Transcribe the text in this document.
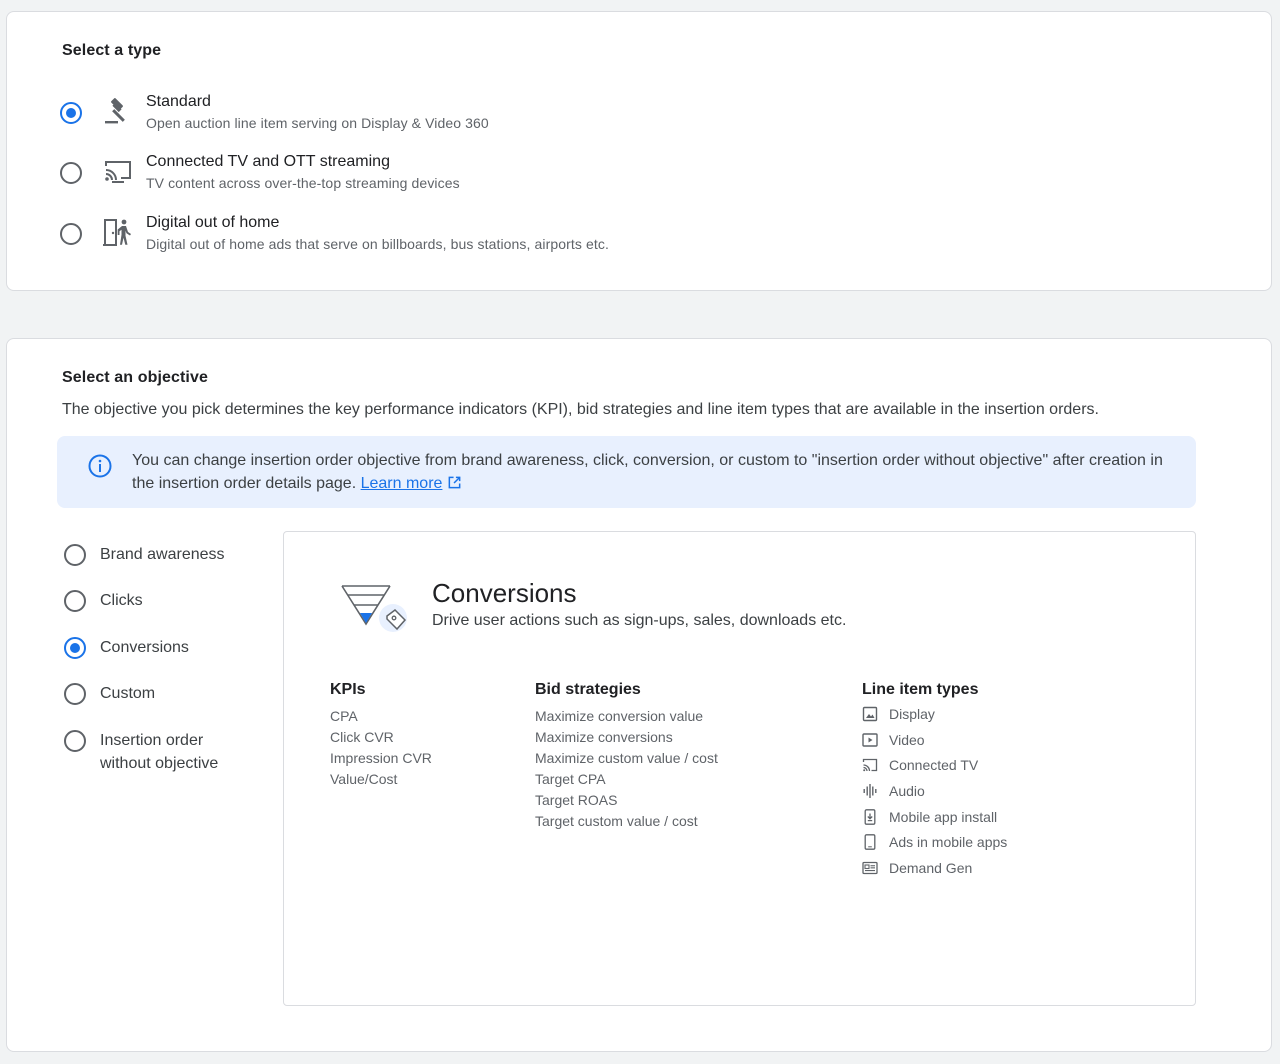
Select a type
Standard
Open auction line item serving on Display & Video 360
Connected TV and OTT streaming
TV content across over-the-top streaming devices
Digital out of home
Digital out of home ads that serve on billboards, bus stations, airports etc.
Select an objective
The objective you pick determines the key performance indicators (KPI), bid strategies and line item types that are available in the insertion orders.
You can change insertion order objective from brand awareness, click, conversion, or custom to "insertion order without objective" after creation in the insertion order details page. Learn more
Brand awareness
Clicks
Conversions
Custom
Insertion order without objective
Conversions
Drive user actions such as sign-ups, sales, downloads etc.
KPIs
CPA
Click CVR
Impression CVR
Value/Cost
Bid strategies
Maximize conversion value
Maximize conversions
Maximize custom value / cost
Target CPA
Target ROAS
Target custom value / cost
Line item types
Display
Video
Connected TV
Audio
Mobile app install
Ads in mobile apps
Demand Gen
